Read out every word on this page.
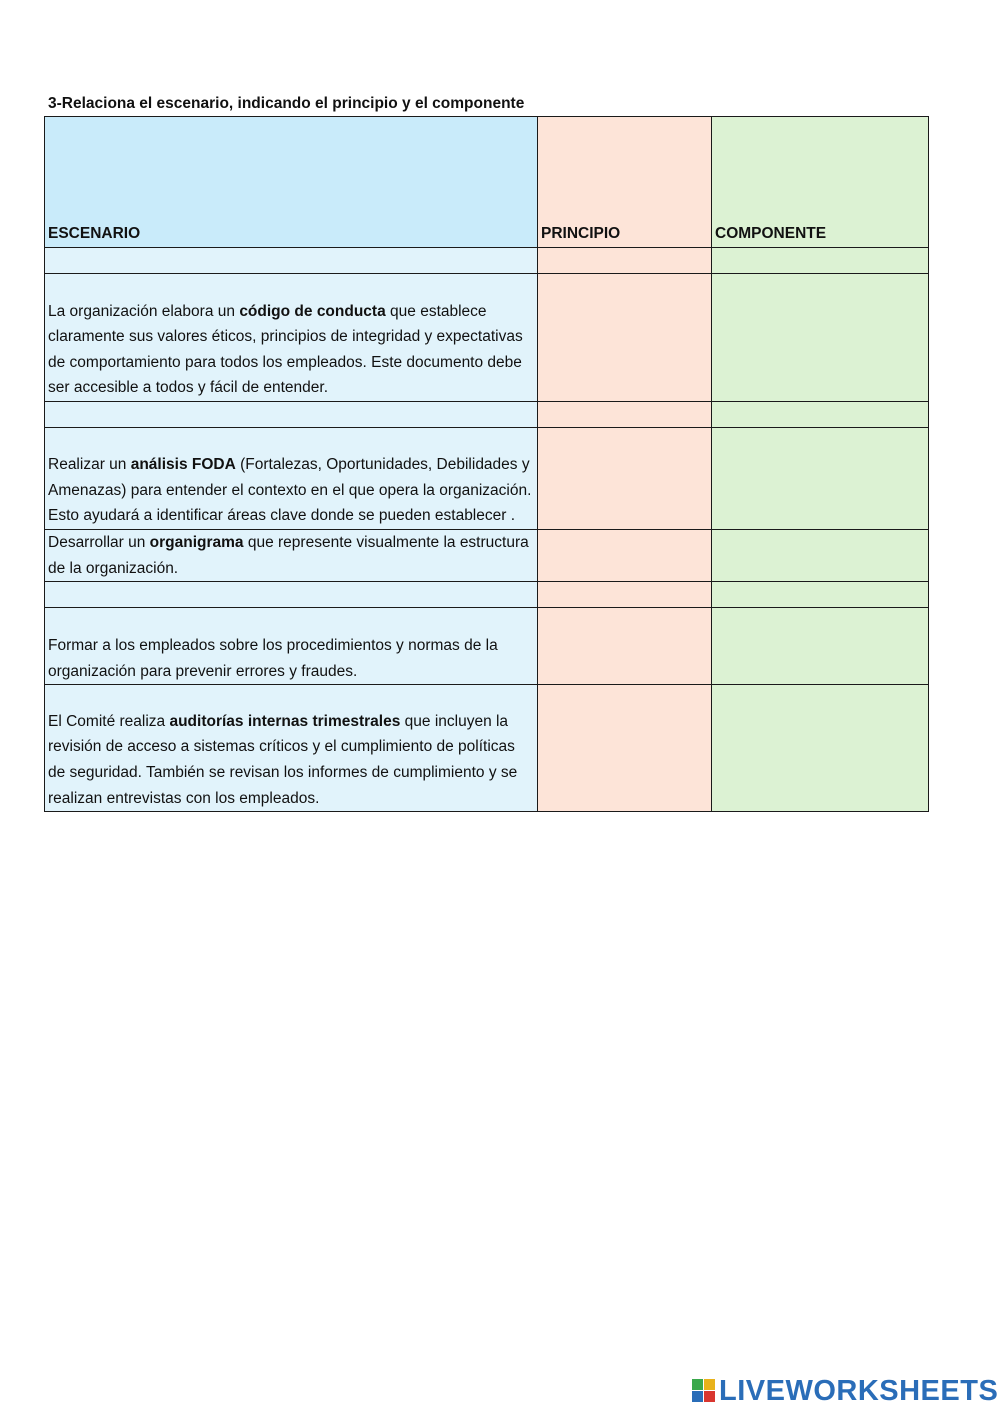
3-Relaciona el escenario, indicando el principio y el componente
ESCENARIO	PRINCIPIO	COMPONENTE

La organización elabora un código de conducta que establece claramente sus valores éticos, principios de integridad y expectativas de comportamiento para todos los empleados. Este documento debe ser accesible a todos y fácil de entender.		

Realizar un análisis FODA (Fortalezas, Oportunidades, Debilidades y Amenazas) para entender el contexto en el que opera la organización. Esto ayudará a identificar áreas clave donde se pueden establecer .		
Desarrollar un organigrama que represente visualmente la estructura de la organización.		

Formar a los empleados sobre los procedimientos y normas de la organización para prevenir errores y fraudes.		
El Comité realiza auditorías internas trimestrales que incluyen la revisión de acceso a sistemas críticos y el cumplimiento de políticas de seguridad. También se revisan los informes de cumplimiento y se realizan entrevistas con los empleados.		
LIVEWORKSHEETS
